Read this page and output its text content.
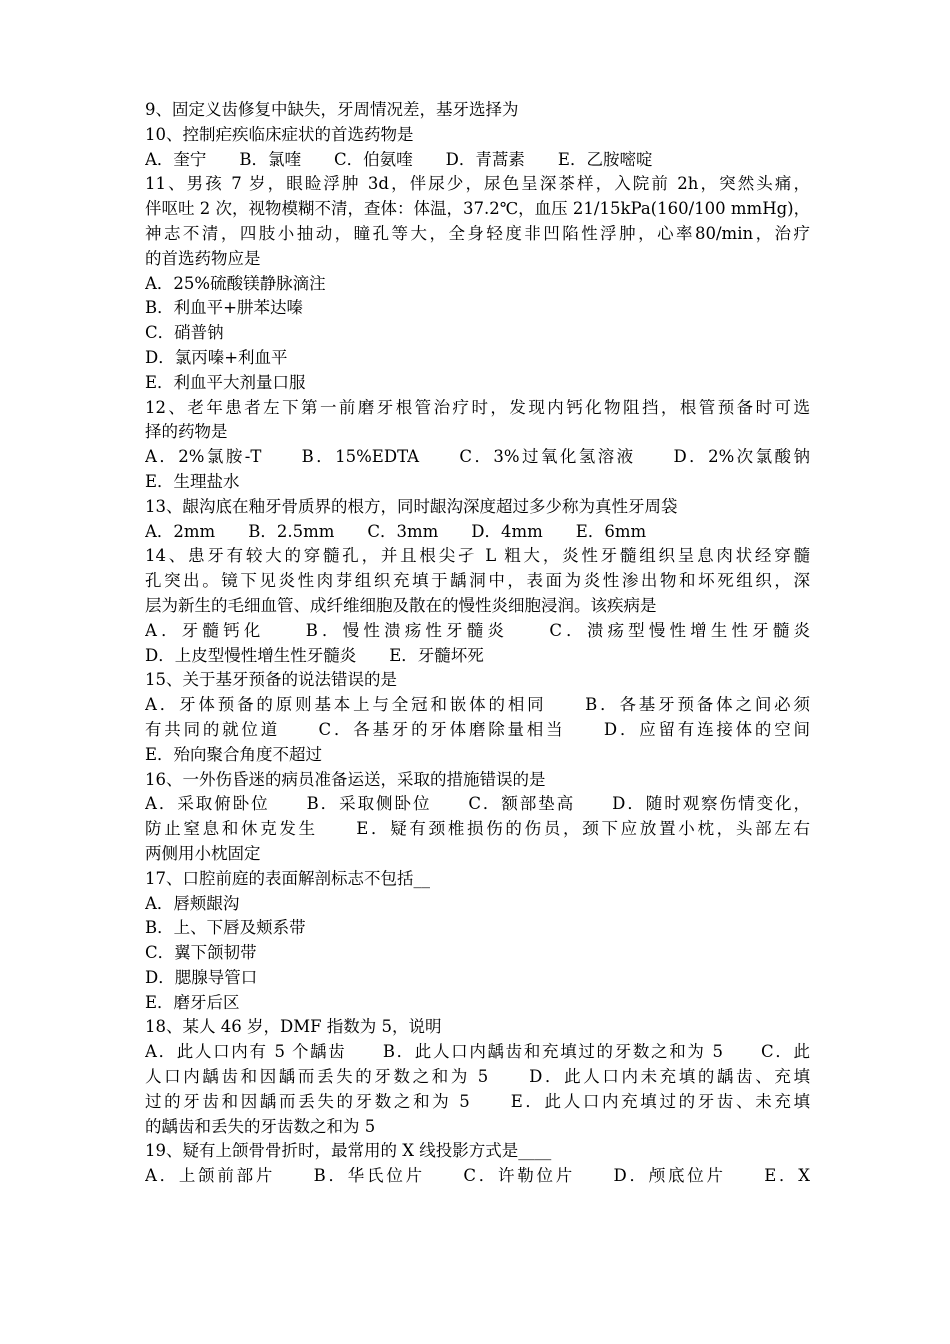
9、固定义齿修复中缺失，牙周情况差，基牙选择为
10、控制疟疾临床症状的首选药物是
A．奎宁　　B．氯喹　　C．伯氨喹　　D．青蒿素　　E．乙胺嘧啶
11、男孩 7 岁，眼睑浮肿 3d，伴尿少，尿色呈深茶样，入院前 2h，突然头痛，
伴呕吐 2 次，视物模糊不清，查体：体温，37.2℃，血压 21/15kPa(160/100 mmHg)，
神志不清，四肢小抽动，瞳孔等大，全身轻度非凹陷性浮肿，心率80/min，治疗
的首选药物应是
A．25%硫酸镁静脉滴注
B．利血平+肼苯达嗪
C．硝普钠
D．氯丙嗪+利血平
E．利血平大剂量口服
12、老年患者左下第一前磨牙根管治疗时，发现内钙化物阻挡，根管预备时可选
择的药物是
A．2%氯胺-T　　B．15%EDTA　　C．3%过氧化氢溶液　　D．2%次氯酸钠
E．生理盐水
13、龈沟底在釉牙骨质界的根方，同时龈沟深度超过多少称为真性牙周袋
A．2mm　　B．2.5mm　　C．3mm　　D．4mm　　E．6mm
14、患牙有较大的穿髓孔，并且根尖孑 L 粗大，炎性牙髓组织呈息肉状经穿髓
孔突出。镜下见炎性肉芽组织充填于龋洞中，表面为炎性渗出物和坏死组织，深
层为新生的毛细血管、成纤维细胞及散在的慢性炎细胞浸润。该疾病是
A．牙髓钙化　　B．慢性溃疡性牙髓炎　　C．溃疡型慢性增生性牙髓炎
D．上皮型慢性增生性牙髓炎　　E．牙髓坏死
15、关于基牙预备的说法错误的是
A．牙体预备的原则基本上与全冠和嵌体的相同　　B．各基牙预备体之间必须
有共同的就位道　　C．各基牙的牙体磨除量相当　　D．应留有连接体的空间
E．殆向聚合角度不超过
16、一外伤昏迷的病员准备运送，采取的措施错误的是
A．采取俯卧位　　B．采取侧卧位　　C．额部垫高　　D．随时观察伤情变化，
防止窒息和休克发生　　E．疑有颈椎损伤的伤员，颈下应放置小枕，头部左右
两侧用小枕固定
17、口腔前庭的表面解剖标志不包括__
A．唇颊龈沟
B．上、下唇及颊系带
C．翼下颌韧带
D．腮腺导管口
E．磨牙后区
18、某人 46 岁，DMF 指数为 5，说明
A．此人口内有 5 个龋齿　　B．此人口内龋齿和充填过的牙数之和为 5　　C．此
人口内龋齿和因龋而丢失的牙数之和为 5　　D．此人口内未充填的龋齿、充填
过的牙齿和因龋而丢失的牙数之和为 5　　E．此人口内充填过的牙齿、未充填
的龋齿和丢失的牙齿数之和为 5
19、疑有上颌骨骨折时，最常用的 X 线投影方式是____
A．上颌前部片　　B．华氏位片　　C．许勒位片　　D．颅底位片　　E．X
